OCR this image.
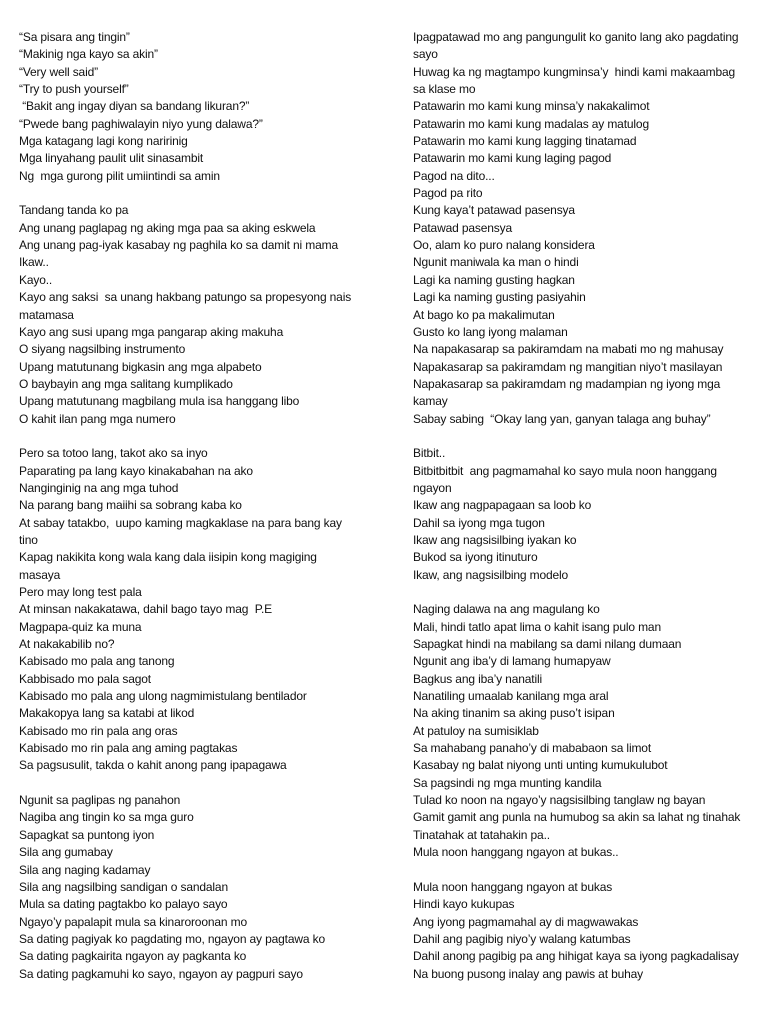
“Sa pisara ang tingin”
“Makinig nga kayo sa akin”
“Very well said”
“Try to push yourself”
“Bakit ang ingay diyan sa bandang likuran?”
“Pwede bang paghiwalayin niyo yung dalawa?”
Mga katagang lagi kong naririnig
Mga linyahang paulit ulit sinasambit
Ng  mga gurong pilit umiintindi sa amin
Tandang tanda ko pa
Ang unang paglapag ng aking mga paa sa aking eskwela
Ang unang pag-iyak kasabay ng paghila ko sa damit ni mama
Ikaw..
Kayo..
Kayo ang saksi  sa unang hakbang patungo sa propesyong nais
matamasa
Kayo ang susi upang mga pangarap aking makuha
O siyang nagsilbing instrumento
Upang matutunang bigkasin ang mga alpabeto
O baybayin ang mga salitang kumplikado
Upang matutunang magbilang mula isa hanggang libo
O kahit ilan pang mga numero
Pero sa totoo lang, takot ako sa inyo
Paparating pa lang kayo kinakabahan na ako
Nanginginig na ang mga tuhod
Na parang bang maiihi sa sobrang kaba ko
At sabay tatakbo,  uupo kaming magkaklase na para bang kay
tino
Kapag nakikita kong wala kang dala iisipin kong magiging
masaya
Pero may long test pala
At minsan nakakatawa, dahil bago tayo mag  P.E
Magpapa-quiz ka muna
At nakakabilib no?
Kabisado mo pala ang tanong
Kabbisado mo pala sagot
Kabisado mo pala ang ulong nagmimistulang bentilador
Makakopya lang sa katabi at likod
Kabisado mo rin pala ang oras
Kabisado mo rin pala ang aming pagtakas
Sa pagsusulit, takda o kahit anong pang ipapagawa
Ngunit sa paglipas ng panahon
Nagiba ang tingin ko sa mga guro
Sapagkat sa puntong iyon
Sila ang gumabay
Sila ang naging kadamay
Sila ang nagsilbing sandigan o sandalan
Mula sa dating pagtakbo ko palayo sayo
Ngayo’y papalapit mula sa kinaroroonan mo
Sa dating pagiyak ko pagdating mo, ngayon ay pagtawa ko
Sa dating pagkairita ngayon ay pagkanta ko
Sa dating pagkamuhi ko sayo, ngayon ay pagpuri sayo
Ipagpatawad mo ang pangungulit ko ganito lang ako pagdating
sayo
Huwag ka ng magtampo kungminsa’y  hindi kami makaambag
sa klase mo
Patawarin mo kami kung minsa’y nakakalimot
Patawarin mo kami kung madalas ay matulog
Patawarin mo kami kung lagging tinatamad
Patawarin mo kami kung laging pagod
Pagod na dito...
Pagod pa rito
Kung kaya’t patawad pasensya
Patawad pasensya
Oo, alam ko puro nalang konsidera
Ngunit maniwala ka man o hindi
Lagi ka naming gusting hagkan
Lagi ka naming gusting pasiyahin
At bago ko pa makalimutan
Gusto ko lang iyong malaman
Na napakasarap sa pakiramdam na mabati mo ng mahusay
Napakasarap sa pakiramdam ng mangitian niyo’t masilayan
Napakasarap sa pakiramdam ng madampian ng iyong mga
kamay
Sabay sabing  “Okay lang yan, ganyan talaga ang buhay”
Bitbit..
Bitbitbitbit  ang pagmamahal ko sayo mula noon hanggang
ngayon
Ikaw ang nagpapagaan sa loob ko
Dahil sa iyong mga tugon
Ikaw ang nagsisilbing iyakan ko
Bukod sa iyong itinuturo
Ikaw, ang nagsisilbing modelo
Naging dalawa na ang magulang ko
Mali, hindi tatlo apat lima o kahit isang pulo man
Sapagkat hindi na mabilang sa dami nilang dumaan
Ngunit ang iba’y di lamang humapyaw
Bagkus ang iba’y nanatili
Nanatiling umaalab kanilang mga aral
Na aking tinanim sa aking puso’t isipan
At patuloy na sumisiklab
Sa mahabang panaho’y di mababaon sa limot
Kasabay ng balat niyong unti unting kumukulubot
Sa pagsindi ng mga munting kandila
Tulad ko noon na ngayo’y nagsisilbing tanglaw ng bayan
Gamit gamit ang punla na humubog sa akin sa lahat ng tinahak
Tinatahak at tatahakin pa..
Mula noon hanggang ngayon at bukas..
Mula noon hanggang ngayon at bukas
Hindi kayo kukupas
Ang iyong pagmamahal ay di magwawakas
Dahil ang pagibig niyo’y walang katumbas
Dahil anong pagibig pa ang hihigat kaya sa iyong pagkadalisay
Na buong pusong inalay ang pawis at buhay
